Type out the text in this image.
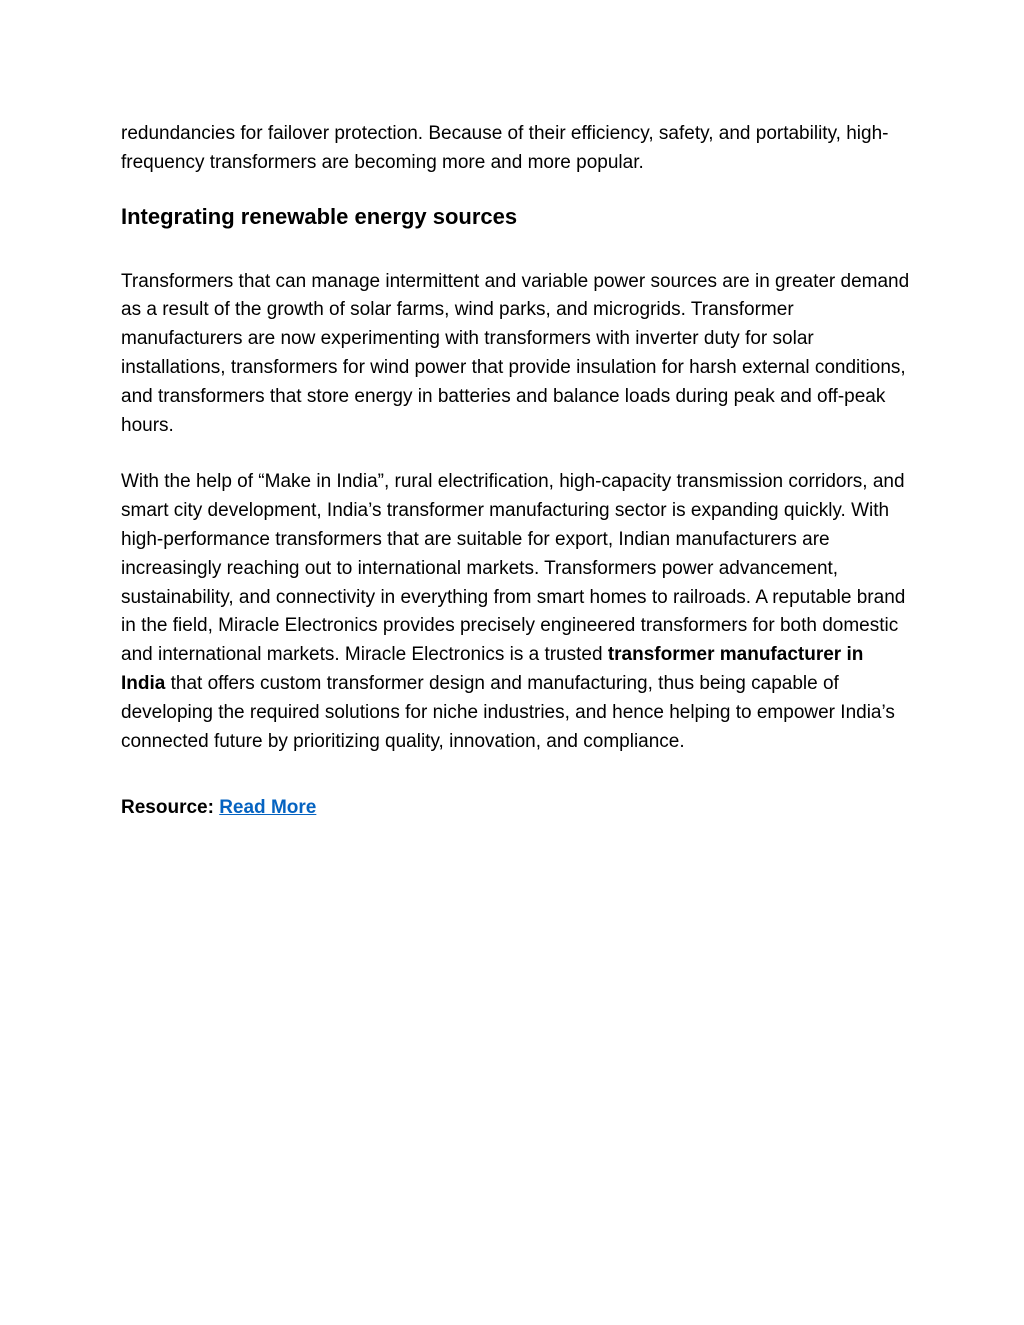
redundancies for failover protection. Because of their efficiency, safety, and portability, high-frequency transformers are becoming more and more popular.

Integrating renewable energy sources

Transformers that can manage intermittent and variable power sources are in greater demand as a result of the growth of solar farms, wind parks, and microgrids. Transformer manufacturers are now experimenting with transformers with inverter duty for solar installations, transformers for wind power that provide insulation for harsh external conditions, and transformers that store energy in batteries and balance loads during peak and off-peak hours.

With the help of “Make in India”, rural electrification, high-capacity transmission corridors, and smart city development, India’s transformer manufacturing sector is expanding quickly. With high-performance transformers that are suitable for export, Indian manufacturers are increasingly reaching out to international markets. Transformers power advancement, sustainability, and connectivity in everything from smart homes to railroads. A reputable brand in the field, Miracle Electronics provides precisely engineered transformers for both domestic and international markets. Miracle Electronics is a trusted transformer manufacturer in India that offers custom transformer design and manufacturing, thus being capable of developing the required solutions for niche industries, and hence helping to empower India’s connected future by prioritizing quality, innovation, and compliance.

Resource: Read More
